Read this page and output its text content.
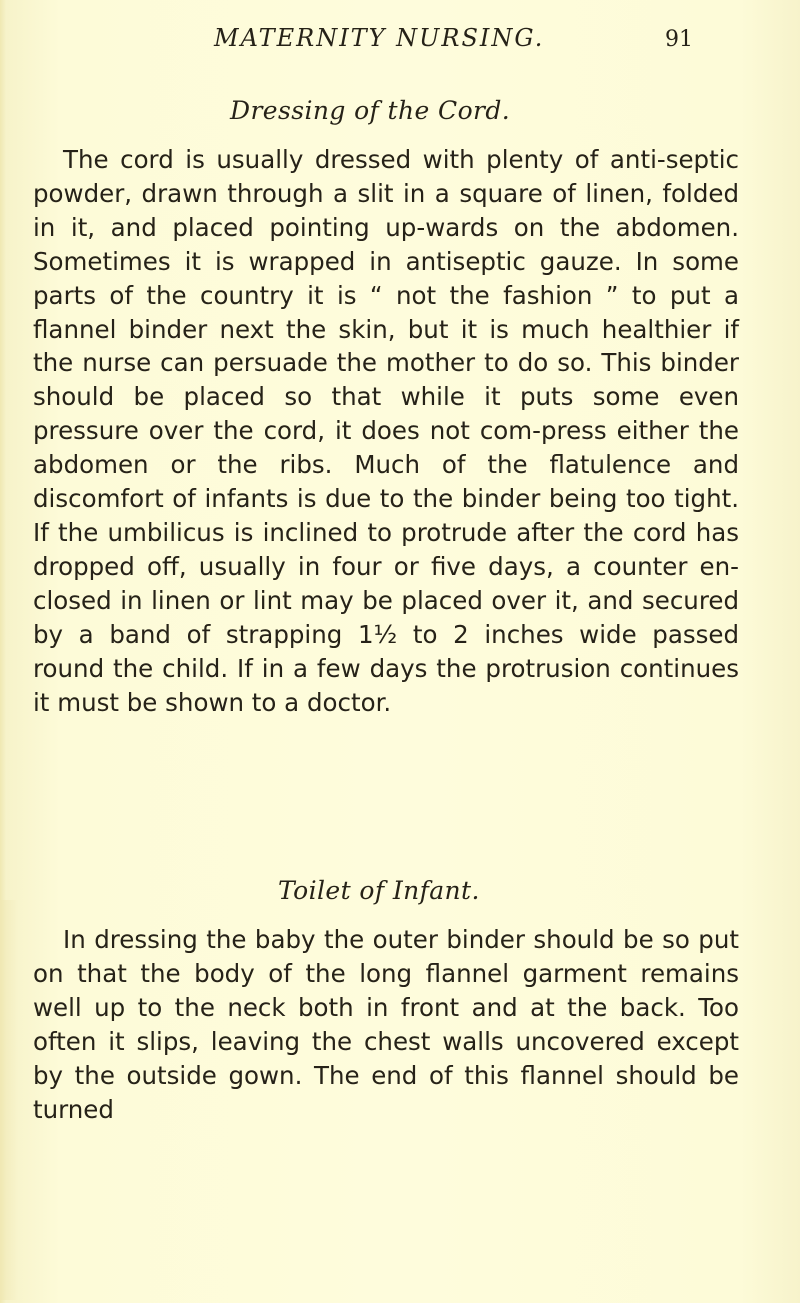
MATERNITY NURSING.	91
Dressing of the Cord.

The cord is usually dressed with plenty of anti-septic powder, drawn through a slit in a square of linen, folded in it, and placed pointing up-wards on the abdomen. Sometimes it is wrapped in antiseptic gauze. In some parts of the country it is “ not the fashion ” to put a flannel binder next the skin, but it is much healthier if the nurse can persuade the mother to do so. This binder should be placed so that while it puts some even pressure over the cord, it does not com-press either the abdomen or the ribs. Much of the flatulence and discomfort of infants is due to the binder being too tight. If the umbilicus is inclined to protrude after the cord has dropped off, usually in four or five days, a counter en-closed in linen or lint may be placed over it, and secured by a band of strapping 1½ to 2 inches wide passed round the child. If in a few days the protrusion continues it must be shown to a doctor.

Toilet of Infant.

In dressing the baby the outer binder should be so put on that the body of the long flannel garment remains well up to the neck both in front and at the back. Too often it slips, leaving the chest walls uncovered except by the outside gown. The end of this flannel should be turned
